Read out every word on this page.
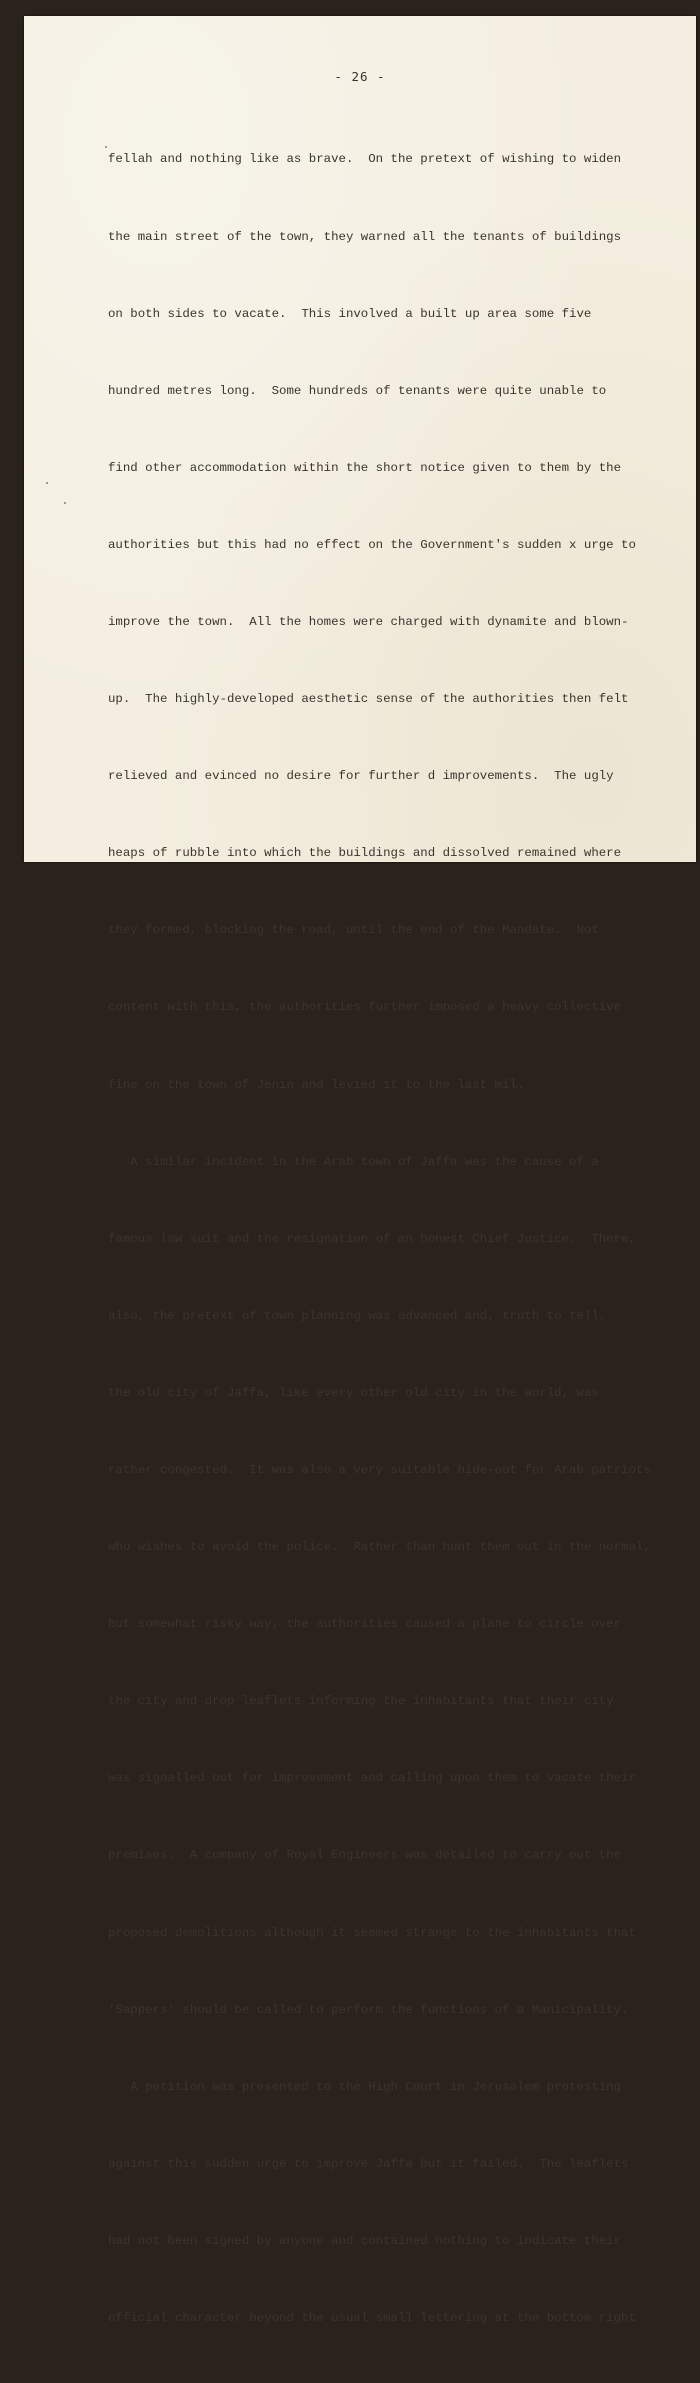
- 26 -

fellah and nothing like as brave.  On the pretext of wishing to widen

the main street of the town, they warned all the tenants of buildings

on both sides to vacate.  This involved a built up area some five

hundred metres long.  Some hundreds of tenants were quite unable to

find other accommodation within the short notice given to them by the

authorities but this had no effect on the Government's sudden x urge to

improve the town.  All the homes were charged with dynamite and blown-

up.  The highly-developed aesthetic sense of the authorities then felt

relieved and evinced no desire for further d improvements.  The ugly

heaps of rubble into which the buildings and dissolved remained where

they formed, blocking the road, until the end of the Mandate.  Not

content with this, the authorities further imposed a heavy collective

fine on the town of Jenin and levied it to the last mil.

A similar incident in the Arab town of Jaffa was the cause of a

famous law suit and the resignation of an honest Chief Justice.  There,

also, the pretext of town planning was advanced and, truth to tell,

the old city of Jaffa, like every other old city in the world, was

rather congested.  It was also a very suitable hide-out for Arab patriots

who wishes to avoid the police.  Rather than hunt them out in the normal,

but somewhat risky way, the authorities caused a plane to circle over

the city and drop leaflets informing the inhabitants that their city

was signalled out for improvement and calling upon them to vacate their

premises.  A company of Royal Engineers was detailed to carry out the

proposed demolitions although it seemed strange to the inhabitants that

'Sappers' should be called to perform the functions of a Manicipality.

A petition was presented to the High Court in Jerusalem protesting

against this sudden urge to improve Jaffa but it failed.  The leaflets

had not been signed by anyone and contained nothing to indicate their

official character beyond the usual small lettering at the bottom right
